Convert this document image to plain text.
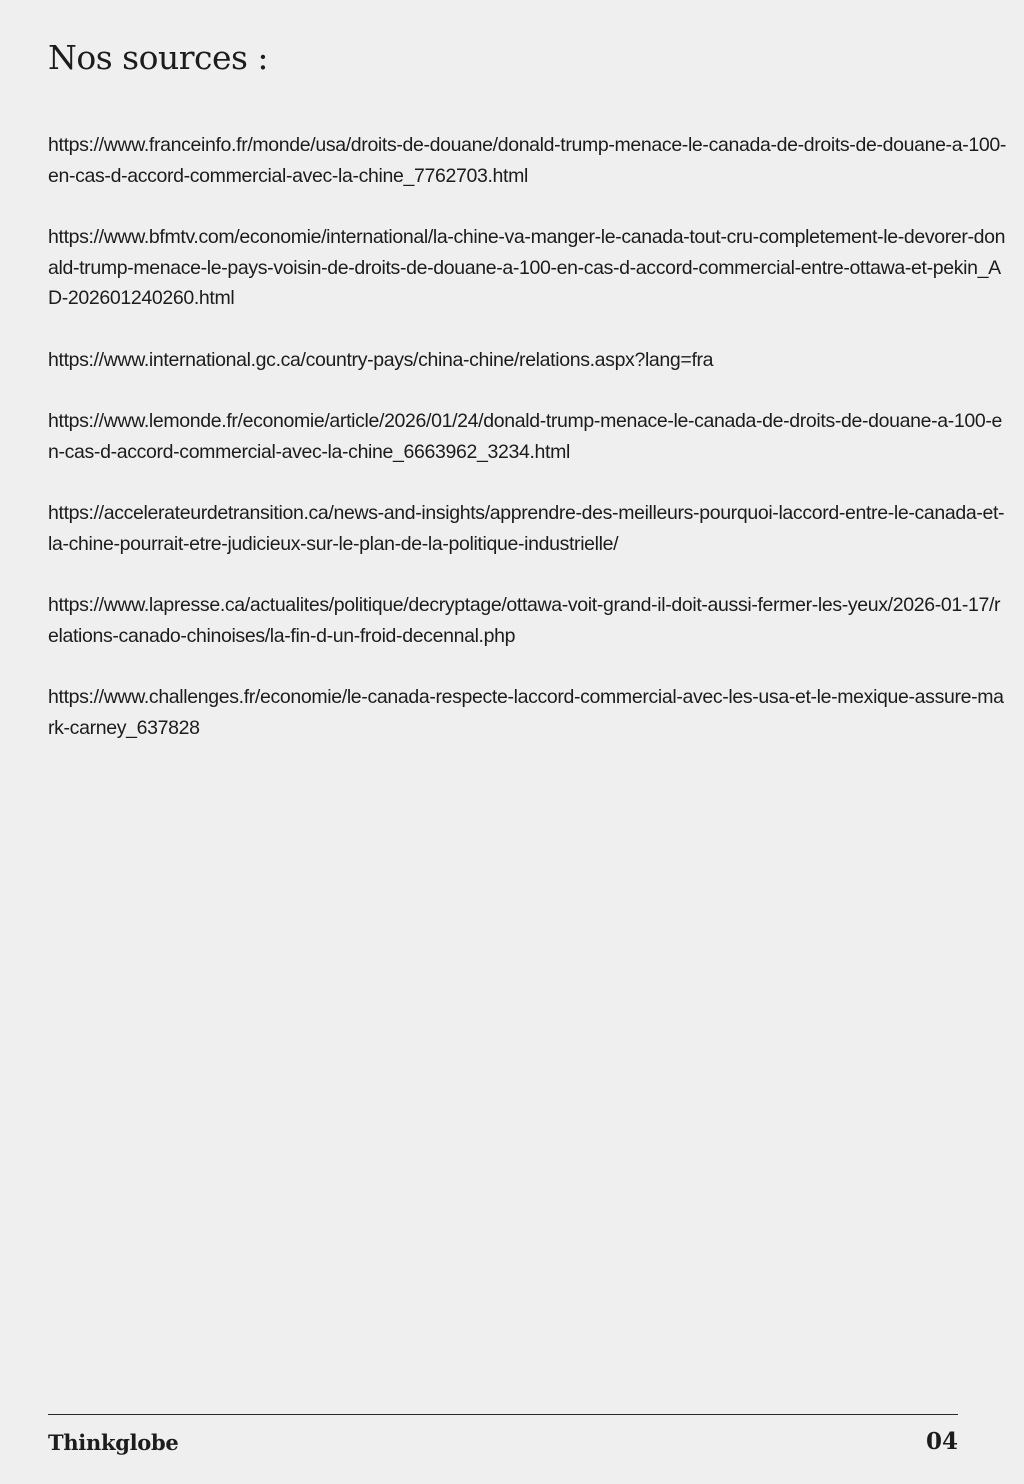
Nos sources :
https://www.franceinfo.fr/monde/usa/droits-de-douane/donald-trump-menace-le-canada-de-droits-de-douane-a-100-en-cas-d-accord-commercial-avec-la-chine_7762703.html
https://www.bfmtv.com/economie/international/la-chine-va-manger-le-canada-tout-cru-completement-le-devorer-donald-trump-menace-le-pays-voisin-de-droits-de-douane-a-100-en-cas-d-accord-commercial-entre-ottawa-et-pekin_AD-202601240260.html
https://www.international.gc.ca/country-pays/china-chine/relations.aspx?lang=fra
https://www.lemonde.fr/economie/article/2026/01/24/donald-trump-menace-le-canada-de-droits-de-douane-a-100-en-cas-d-accord-commercial-avec-la-chine_6663962_3234.html
https://accelerateurdetransition.ca/news-and-insights/apprendre-des-meilleurs-pourquoi-laccord-entre-le-canada-et-la-chine-pourrait-etre-judicieux-sur-le-plan-de-la-politique-industrielle/
https://www.lapresse.ca/actualites/politique/decryptage/ottawa-voit-grand-il-doit-aussi-fermer-les-yeux/2026-01-17/relations-canado-chinoises/la-fin-d-un-froid-decennal.php
https://www.challenges.fr/economie/le-canada-respecte-laccord-commercial-avec-les-usa-et-le-mexique-assure-mark-carney_637828
Thinkglobe	04
